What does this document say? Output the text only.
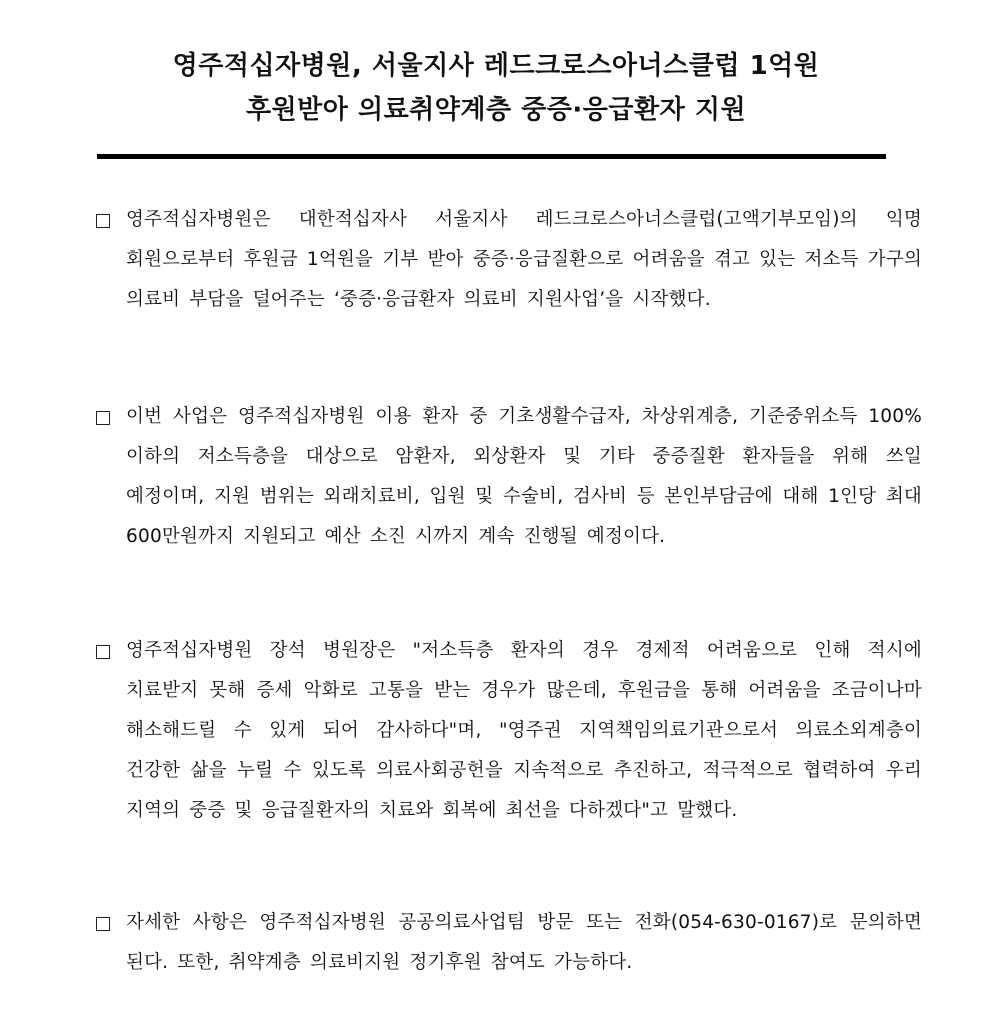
영주적십자병원, 서울지사 레드크로스아너스클럽 1억원
후원받아 의료취약계층 중증·응급환자 지원
영주적십자병원은 대한적십자사 서울지사 레드크로스아너스클럽(고액기부모임)의 익명 회원으로부터 후원금 1억원을 기부 받아 중증·응급질환으로 어려움을 겪고 있는 저소득 가구의 의료비 부담을 덜어주는 ‘중증·응급환자 의료비 지원사업’을 시작했다.
이번 사업은 영주적십자병원 이용 환자 중 기초생활수급자, 차상위계층, 기준중위소득 100% 이하의 저소득층을 대상으로 암환자, 외상환자 및 기타 중증질환 환자들을 위해 쓰일 예정이며, 지원 범위는 외래치료비, 입원 및 수술비, 검사비 등 본인부담금에 대해 1인당 최대 600만원까지 지원되고 예산 소진 시까지 계속 진행될 예정이다.
영주적십자병원 장석 병원장은 "저소득층 환자의 경우 경제적 어려움으로 인해 적시에 치료받지 못해 증세 악화로 고통을 받는 경우가 많은데, 후원금을 통해 어려움을 조금이나마 해소해드릴 수 있게 되어 감사하다"며, "영주권 지역책임의료기관으로서 의료소외계층이 건강한 삶을 누릴 수 있도록 의료사회공헌을 지속적으로 추진하고, 적극적으로 협력하여 우리 지역의 중증 및 응급질환자의 치료와 회복에 최선을 다하겠다"고 말했다.
자세한 사항은 영주적십자병원 공공의료사업팀 방문 또는 전화(054-630-0167)로 문의하면 된다. 또한, 취약계층 의료비지원 정기후원 참여도 가능하다.
